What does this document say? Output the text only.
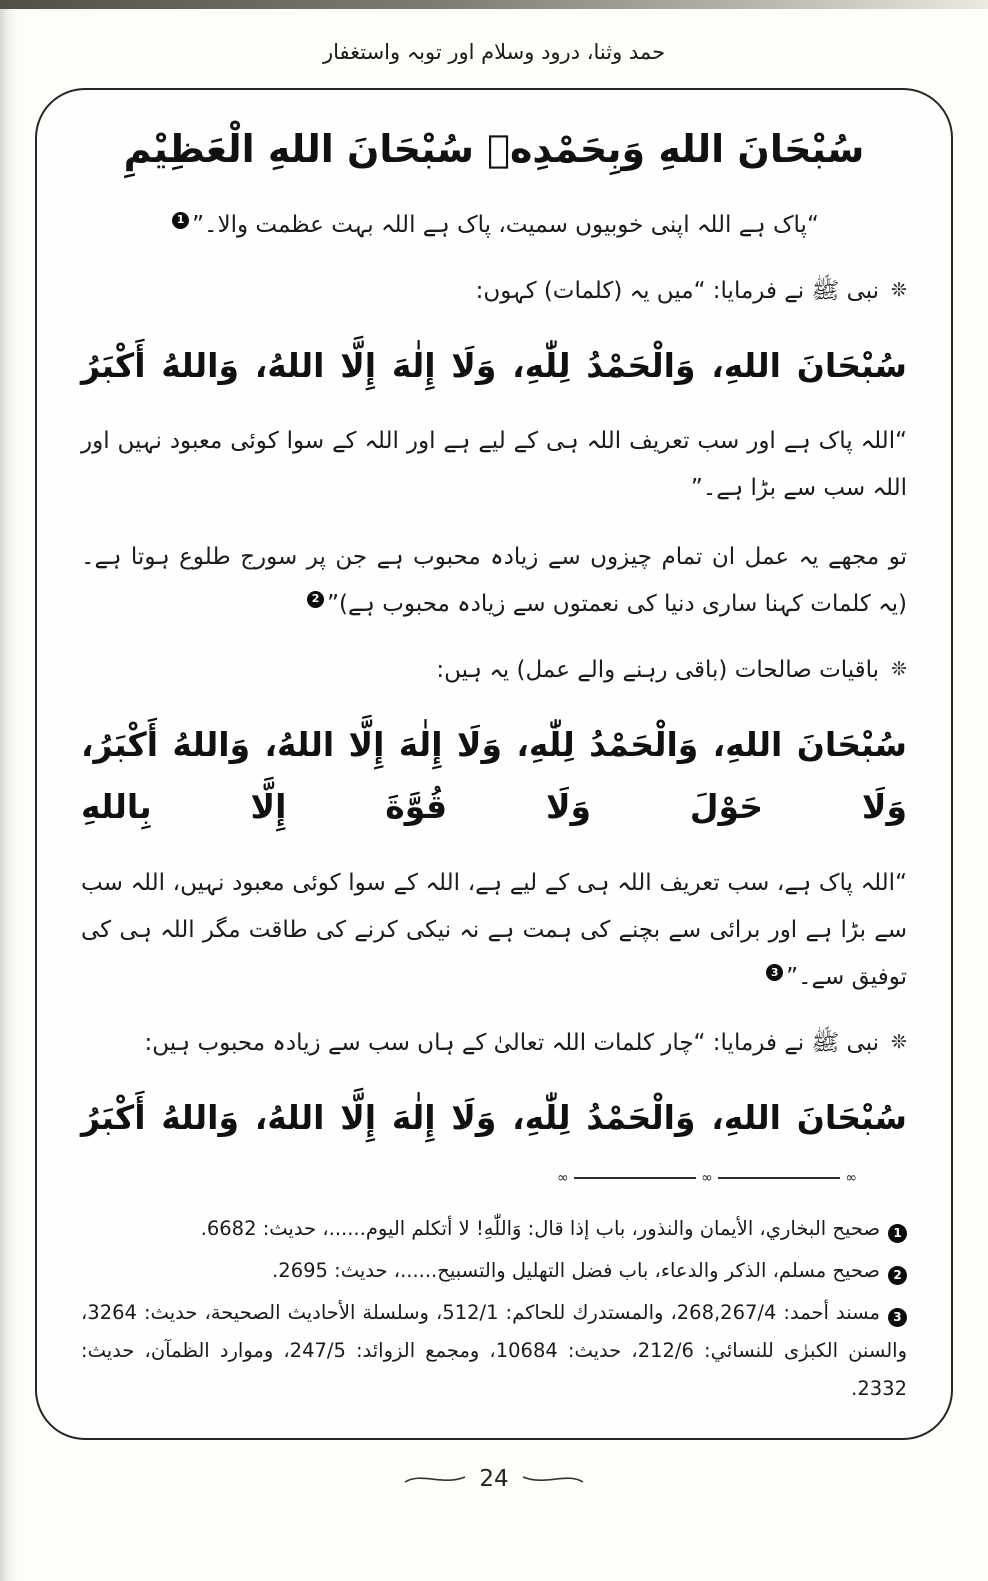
حمد وثنا، درود وسلام اور توبہ واستغفار
سُبْحَانَ اللهِ وَبِحَمْدِهٖ سُبْحَانَ اللهِ الْعَظِيْمِ
“پاک ہے اللہ اپنی خوبیوں سمیت، پاک ہے اللہ بہت عظمت والا۔”1
❊نبی ﷺ نے فرمایا: “میں یہ (کلمات) کہوں:
سُبْحَانَ اللهِ، وَالْحَمْدُ لِلّٰهِ، وَلَا إِلٰهَ إِلَّا اللهُ، وَاللهُ أَكْبَرُ
“اللہ پاک ہے اور سب تعریف اللہ ہی کے لیے ہے اور اللہ کے سوا کوئی معبود نہیں اور اللہ سب سے بڑا ہے۔”
تو مجھے یہ عمل ان تمام چیزوں سے زیادہ محبوب ہے جن پر سورج طلوع ہوتا ہے۔ (یہ کلمات کہنا ساری دنیا کی نعمتوں سے زیادہ محبوب ہے)”2
❊باقیات صالحات (باقی رہنے والے عمل) یہ ہیں:
سُبْحَانَ اللهِ، وَالْحَمْدُ لِلّٰهِ، وَلَا إِلٰهَ إِلَّا اللهُ، وَاللهُ أَكْبَرُ، وَلَا حَوْلَ وَلَا قُوَّةَ إِلَّا بِاللهِ
“اللہ پاک ہے، سب تعریف اللہ ہی کے لیے ہے، اللہ کے سوا کوئی معبود نہیں، اللہ سب سے بڑا ہے اور برائی سے بچنے کی ہمت ہے نہ نیکی کرنے کی طاقت مگر اللہ ہی کی توفیق سے۔”3
❊نبی ﷺ نے فرمایا: “چار کلمات اللہ تعالیٰ کے ہاں سب سے زیادہ محبوب ہیں:
سُبْحَانَ اللهِ، وَالْحَمْدُ لِلّٰهِ، وَلَا إِلٰهَ إِلَّا اللهُ، وَاللهُ أَكْبَرُ
∞
∞
∞
1صحيح البخاري، الأيمان والنذور، باب إذا قال: وَاللّٰهِ! لا أتكلم اليوم......، حديث: 6682.
2صحيح مسلم، الذكر والدعاء، باب فضل التهليل والتسبيح......، حديث: 2695.
3مسند أحمد: 268,267/4، والمستدرك للحاكم: 512/1، وسلسلة الأحاديث الصحيحة، حديث: 3264، والسنن الكبرٰى للنسائي: 212/6، حديث: 10684، ومجمع الزوائد: 247/5، وموارد الظمآن، حديث: 2332.
24
